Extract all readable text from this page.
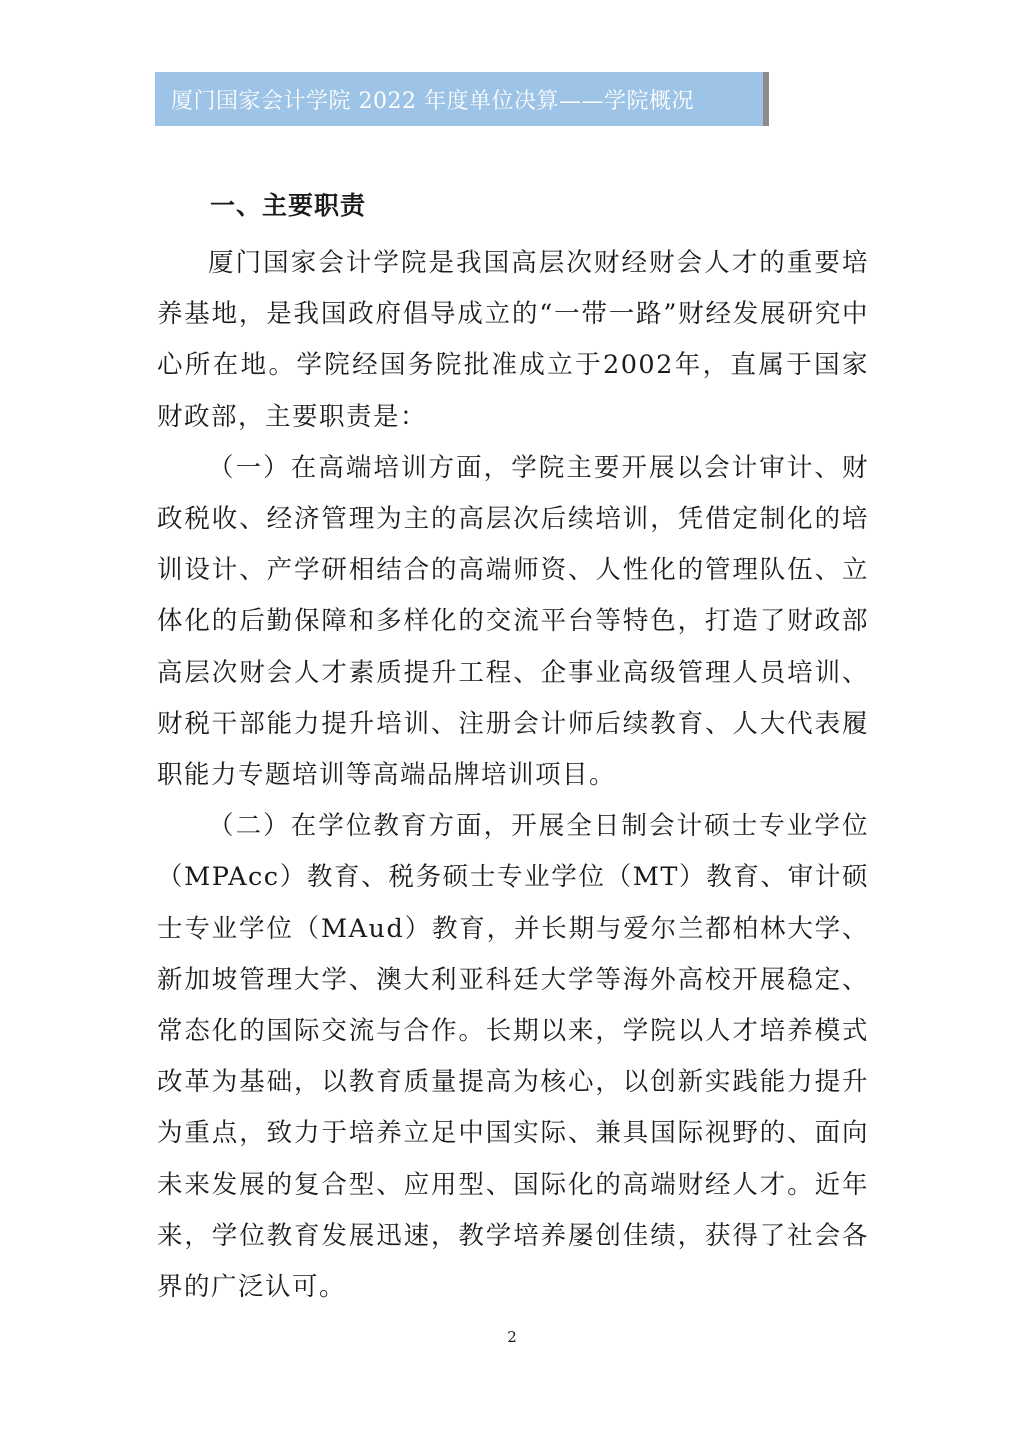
厦门国家会计学院 2022 年度单位决算——学院概况
一、主要职责

厦门国家会计学院是我国高层次财经财会人才的重要培养基地，是我国政府倡导成立的“一带一路”财经发展研究中心所在地。学院经国务院批准成立于2002年，直属于国家财政部，主要职责是：

（一）在高端培训方面，学院主要开展以会计审计、财政税收、经济管理为主的高层次后续培训，凭借定制化的培训设计、产学研相结合的高端师资、人性化的管理队伍、立体化的后勤保障和多样化的交流平台等特色，打造了财政部高层次财会人才素质提升工程、企事业高级管理人员培训、财税干部能力提升培训、注册会计师后续教育、人大代表履职能力专题培训等高端品牌培训项目。

（二）在学位教育方面，开展全日制会计硕士专业学位（MPAcc）教育、税务硕士专业学位（MT）教育、审计硕士专业学位（MAud）教育，并长期与爱尔兰都柏林大学、新加坡管理大学、澳大利亚科廷大学等海外高校开展稳定、常态化的国际交流与合作。长期以来，学院以人才培养模式改革为基础，以教育质量提高为核心，以创新实践能力提升为重点，致力于培养立足中国实际、兼具国际视野的、面向未来发展的复合型、应用型、国际化的高端财经人才。近年来，学位教育发展迅速，教学培养屡创佳绩，获得了社会各界的广泛认可。

2
